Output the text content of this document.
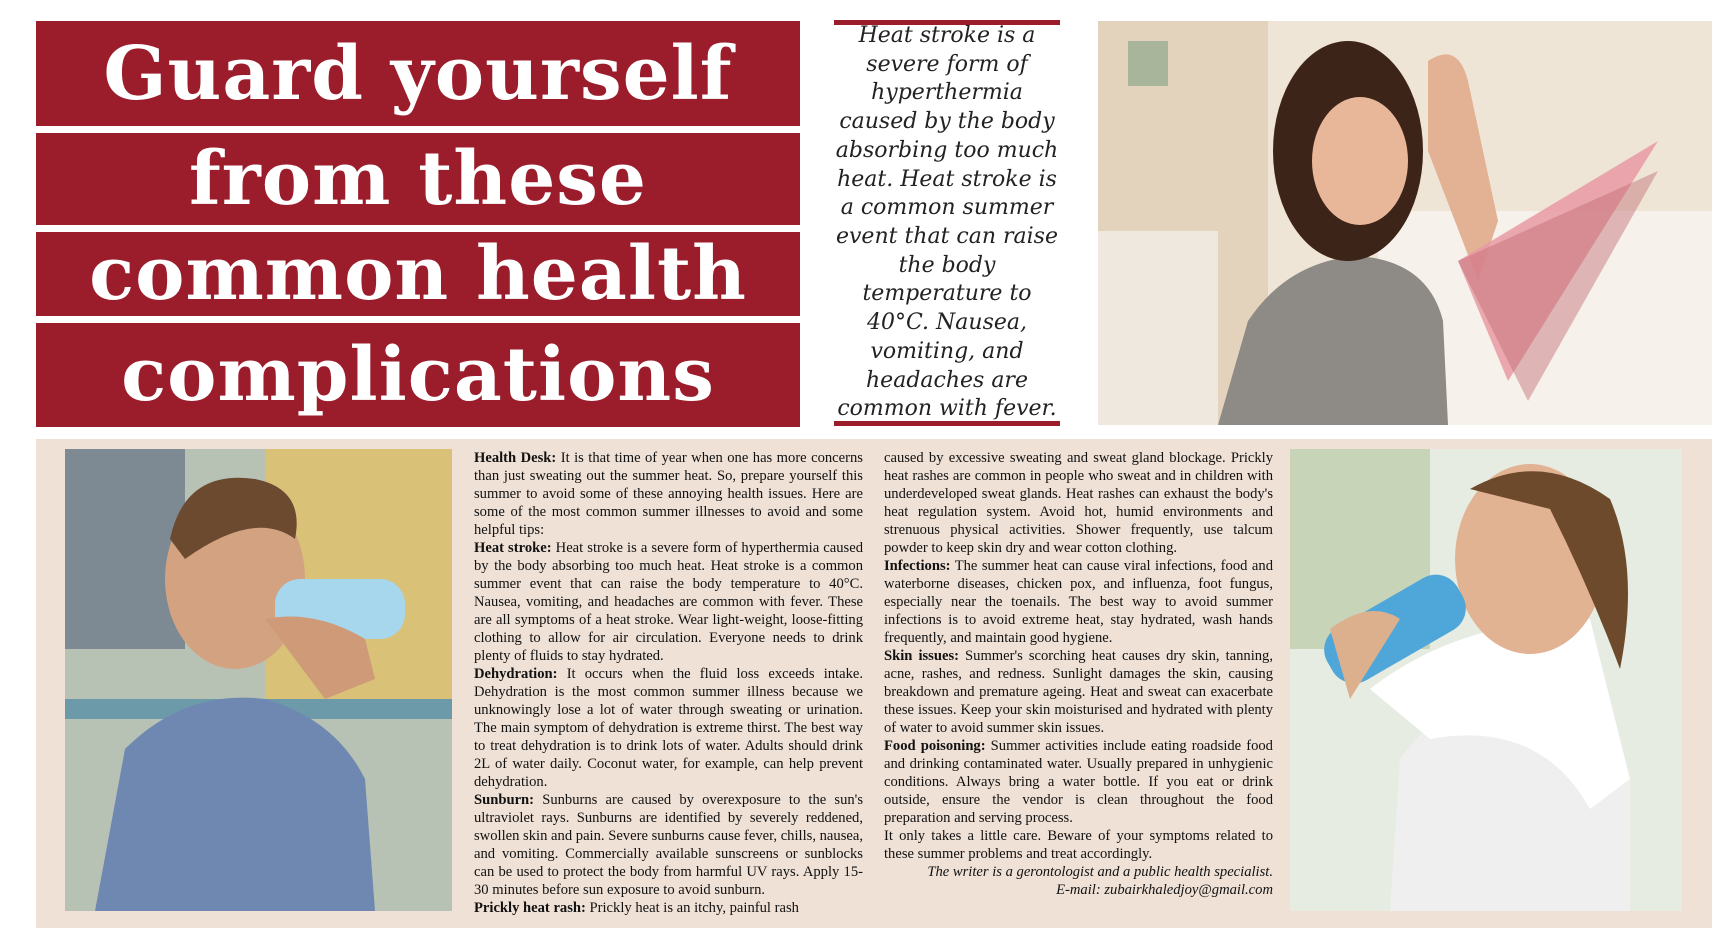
Guard yourself
from these
common health
complications

Heat stroke is a severe form of hyperthermia caused by the body absorbing too much heat. Heat stroke is a common summer event that can raise the body temperature to 40°C. Nausea, vomiting, and headaches are common with fever.

Health Desk: It is that time of year when one has more concerns than just sweating out the summer heat. So, prepare yourself this summer to avoid some of these annoying health issues. Here are some of the most common summer illnesses to avoid and some helpful tips:

Heat stroke: Heat stroke is a severe form of hyperthermia caused by the body absorbing too much heat. Heat stroke is a common summer event that can raise the body temperature to 40°C. Nausea, vomiting, and headaches are common with fever. These are all symptoms of a heat stroke. Wear light-weight, loose-fitting clothing to allow for air circulation. Everyone needs to drink plenty of fluids to stay hydrated.

Dehydration: It occurs when the fluid loss exceeds intake. Dehydration is the most common summer illness because we unknowingly lose a lot of water through sweating or urination. The main symptom of dehydration is extreme thirst. The best way to treat dehydration is to drink lots of water. Adults should drink 2L of water daily. Coconut water, for example, can help prevent dehydration.

Sunburn: Sunburns are caused by overexposure to the sun's ultraviolet rays. Sunburns are identified by severely reddened, swollen skin and pain. Severe sunburns cause fever, chills, nausea, and vomiting. Commercially available sunscreens or sunblocks can be used to protect the body from harmful UV rays. Apply 15-30 minutes before sun exposure to avoid sunburn.

Prickly heat rash: Prickly heat is an itchy, painful rash

caused by excessive sweating and sweat gland blockage. Prickly heat rashes are common in people who sweat and in children with underdeveloped sweat glands. Heat rashes can exhaust the body's heat regulation system. Avoid hot, humid environments and strenuous physical activities. Shower frequently, use talcum powder to keep skin dry and wear cotton clothing.

Infections: The summer heat can cause viral infections, food and waterborne diseases, chicken pox, and influenza, foot fungus, especially near the toenails. The best way to avoid summer infections is to avoid extreme heat, stay hydrated, wash hands frequently, and maintain good hygiene.

Skin issues: Summer's scorching heat causes dry skin, tanning, acne, rashes, and redness. Sunlight damages the skin, causing breakdown and premature ageing. Heat and sweat can exacerbate these issues. Keep your skin moisturised and hydrated with plenty of water to avoid summer skin issues.

Food poisoning: Summer activities include eating roadside food and drinking contaminated water. Usually prepared in unhygienic conditions. Always bring a water bottle. If you eat or drink outside, ensure the vendor is clean throughout the food preparation and serving process.

It only takes a little care. Beware of your symptoms related to these summer problems and treat accordingly.

The writer is a gerontologist and a public health specialist.

E-mail: zubairkhaledjoy@gmail.com
